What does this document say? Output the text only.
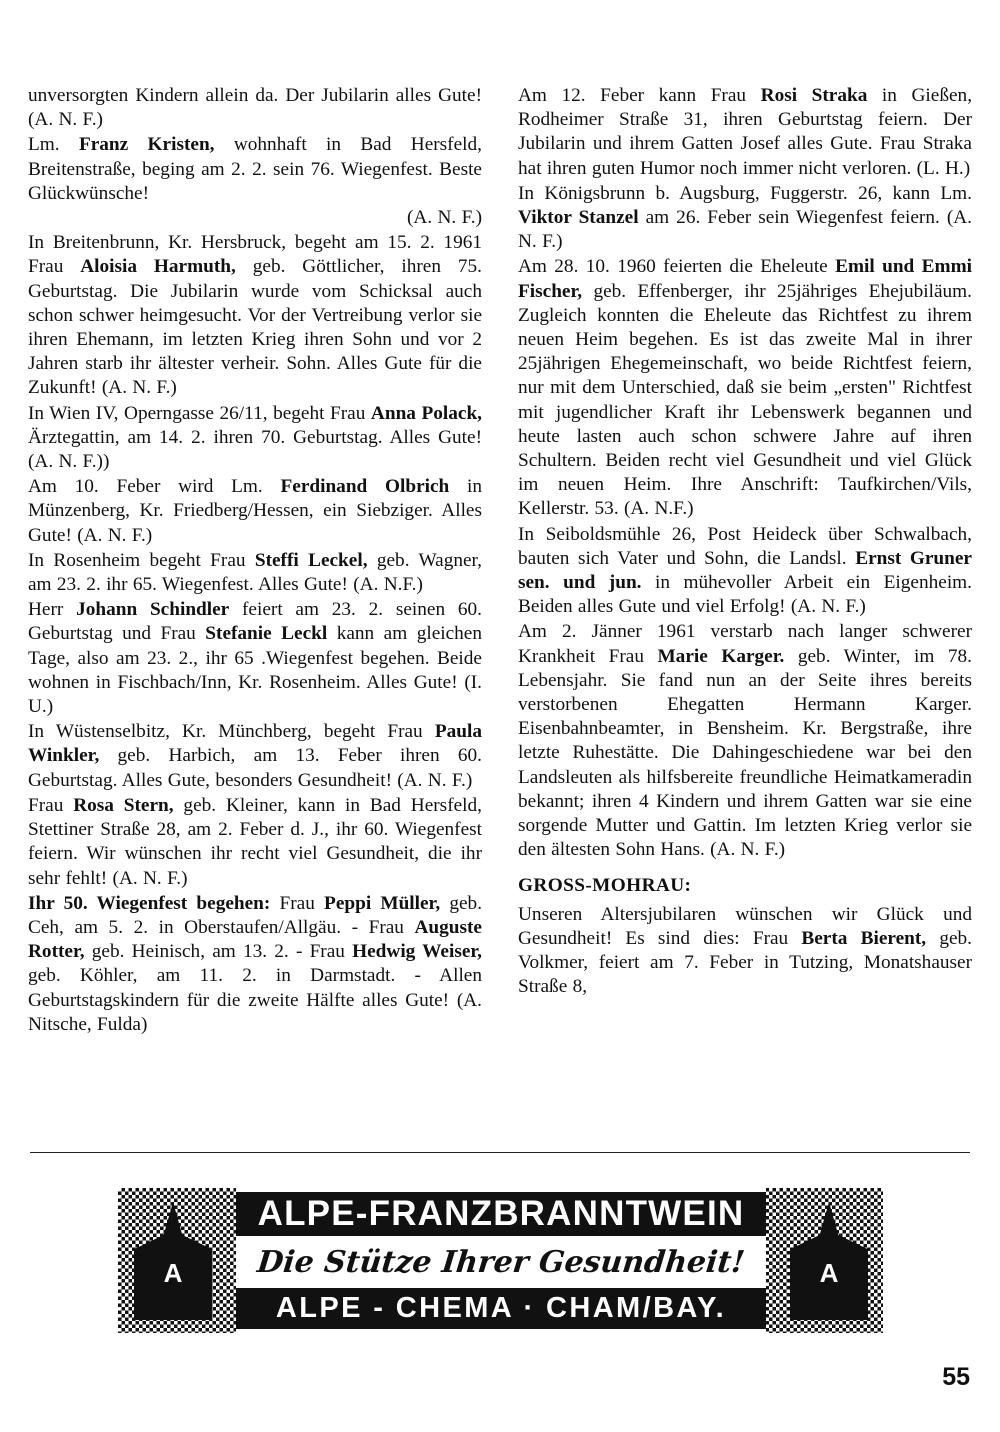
unversorgten Kindern allein da. Der Jubilarin alles Gute! (A. N. F.)
Lm. Franz Kristen, wohnhaft in Bad Hersfeld, Breitenstraße, beging am 2. 2. sein 76. Wiegenfest. Beste Glückwünsche!
(A. N. F.)
In Breitenbrunn, Kr. Hersbruck, begeht am 15. 2. 1961 Frau Aloisia Harmuth, geb. Göttlicher, ihren 75. Geburtstag. Die Jubilarin wurde vom Schicksal auch schon schwer heimgesucht. Vor der Vertreibung verlor sie ihren Ehemann, im letzten Krieg ihren Sohn und vor 2 Jahren starb ihr ältester verheir. Sohn. Alles Gute für die Zukunft! (A. N. F.)
In Wien IV, Operngasse 26/11, begeht Frau Anna Polack, Ärztegattin, am 14. 2. ihren 70. Geburtstag. Alles Gute! (A. N. F.))
Am 10. Feber wird Lm. Ferdinand Olbrich in Münzenberg, Kr. Friedberg/Hessen, ein Siebziger. Alles Gute! (A. N. F.)
In Rosenheim begeht Frau Steffi Leckel, geb. Wagner, am 23. 2. ihr 65. Wiegenfest. Alles Gute! (A. N.F.)
Herr Johann Schindler feiert am 23. 2. seinen 60. Geburtstag und Frau Stefanie Leckl kann am gleichen Tage, also am 23. 2., ihr 65 .Wiegenfest begehen. Beide wohnen in Fischbach/Inn, Kr. Rosenheim. Alles Gute! (I. U.)
In Wüstenselbitz, Kr. Münchberg, begeht Frau Paula Winkler, geb. Harbich, am 13. Feber ihren 60. Geburtstag. Alles Gute, besonders Gesundheit! (A. N. F.)
Frau Rosa Stern, geb. Kleiner, kann in Bad Hersfeld, Stettiner Straße 28, am 2. Feber d. J., ihr 60. Wiegenfest feiern. Wir wünschen ihr recht viel Gesundheit, die ihr sehr fehlt! (A. N. F.)
Ihr 50. Wiegenfest begehen: Frau Peppi Müller, geb. Ceh, am 5. 2. in Oberstaufen/Allgäu. - Frau Auguste Rotter, geb. Heinisch, am 13. 2. - Frau Hedwig Weiser, geb. Köhler, am 11. 2. in Darmstadt. - Allen Geburtstagskindern für die zweite Hälfte alles Gute! (A. Nitsche, Fulda)
Am 12. Feber kann Frau Rosi Straka in Gießen, Rodheimer Straße 31, ihren Geburtstag feiern. Der Jubilarin und ihrem Gatten Josef alles Gute. Frau Straka hat ihren guten Humor noch immer nicht verloren. (L. H.)
In Königsbrunn b. Augsburg, Fuggerstr. 26, kann Lm. Viktor Stanzel am 26. Feber sein Wiegenfest feiern. (A. N. F.)
Am 28. 10. 1960 feierten die Eheleute Emil und Emmi Fischer, geb. Effenberger, ihr 25jähriges Ehejubiläum. Zugleich konnten die Eheleute das Richtfest zu ihrem neuen Heim begehen. Es ist das zweite Mal in ihrer 25jährigen Ehegemeinschaft, wo beide Richtfest feiern, nur mit dem Unterschied, daß sie beim „ersten" Richtfest mit jugendlicher Kraft ihr Lebenswerk begannen und heute lasten auch schon schwere Jahre auf ihren Schultern. Beiden recht viel Gesundheit und viel Glück im neuen Heim. Ihre Anschrift: Taufkirchen/Vils, Kellerstr. 53. (A. N.F.)
In Seiboldsmühle 26, Post Heideck über Schwalbach, bauten sich Vater und Sohn, die Landsl. Ernst Gruner sen. und jun. in mühevoller Arbeit ein Eigenheim. Beiden alles Gute und viel Erfolg! (A. N. F.)
Am 2. Jänner 1961 verstarb nach langer schwerer Krankheit Frau Marie Karger. geb. Winter, im 78. Lebensjahr. Sie fand nun an der Seite ihres bereits verstorbenen Ehegatten Hermann Karger. Eisenbahnbeamter, in Bensheim. Kr. Bergstraße, ihre letzte Ruhestätte. Die Dahingeschiedene war bei den Landsleuten als hilfsbereite freundliche Heimatkameradin bekannt; ihren 4 Kindern und ihrem Gatten war sie eine sorgende Mutter und Gattin. Im letzten Krieg verlor sie den ältesten Sohn Hans. (A. N. F.)
GROSS-MOHRAU:
Unseren Altersjubilaren wünschen wir Glück und Gesundheit! Es sind dies: Frau Berta Bierent, geb. Volkmer, feiert am 7. Feber in Tutzing, Monatshauser Straße 8,
ALPE-FRANZBRANNTWEIN
Die Stütze Ihrer Gesundheit!
ALPE - CHEMA · CHAM/BAY.
A	A
55
